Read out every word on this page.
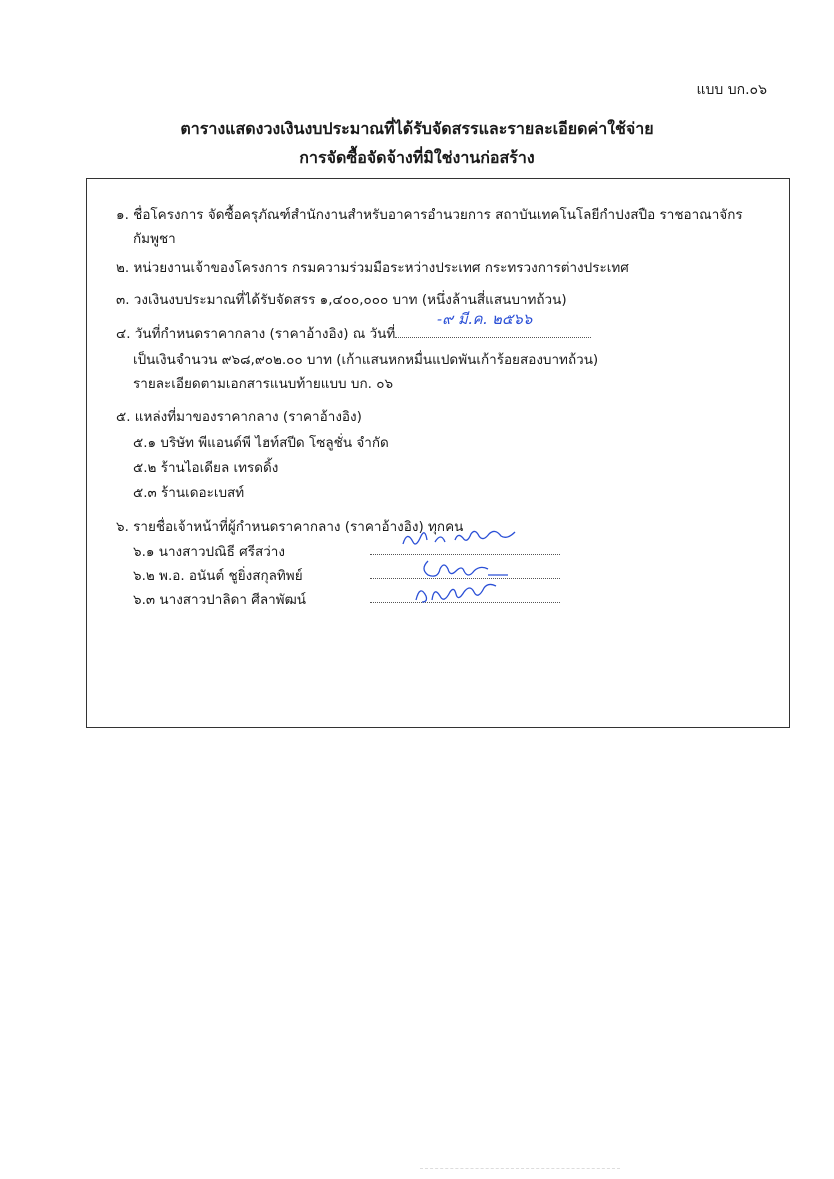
แบบ บก.๐๖
ตารางแสดงวงเงินงบประมาณที่ได้รับจัดสรรและรายละเอียดค่าใช้จ่าย
การจัดซื้อจัดจ้างที่มิใช่งานก่อสร้าง
๑. ชื่อโครงการ จัดซื้อครุภัณฑ์สำนักงานสำหรับอาคารอำนวยการ สถาบันเทคโนโลยีกำปงสปือ ราชอาณาจักร
กัมพูชา
๒. หน่วยงานเจ้าของโครงการ กรมความร่วมมือระหว่างประเทศ กระทรวงการต่างประเทศ
๓. วงเงินงบประมาณที่ได้รับจัดสรร ๑,๔๐๐,๐๐๐ บาท (หนึ่งล้านสี่แสนบาทถ้วน)
๔. วันที่กำหนดราคากลาง (ราคาอ้างอิง) ณ วันที่
-๙ มี.ค. ๒๕๖๖
เป็นเงินจำนวน ๙๖๘,๙๐๒.๐๐ บาท (เก้าแสนหกหมื่นแปดพันเก้าร้อยสองบาทถ้วน)
รายละเอียดตามเอกสารแนบท้ายแบบ บก. ๐๖
๕. แหล่งที่มาของราคากลาง (ราคาอ้างอิง)
๕.๑ บริษัท พีแอนด์พี ไฮท์สปีด โซลูชั่น จำกัด
๕.๒ ร้านไอเดียล เทรดดิ้ง
๕.๓ ร้านเดอะเบสท์
๖. รายชื่อเจ้าหน้าที่ผู้กำหนดราคากลาง (ราคาอ้างอิง) ทุกคน
๖.๑ นางสาวปณิธี ศรีสว่าง
๖.๒ พ.อ. อนันต์ ชูยิ่งสกุลทิพย์
๖.๓ นางสาวปาลิดา ศีลาพัฒน์
